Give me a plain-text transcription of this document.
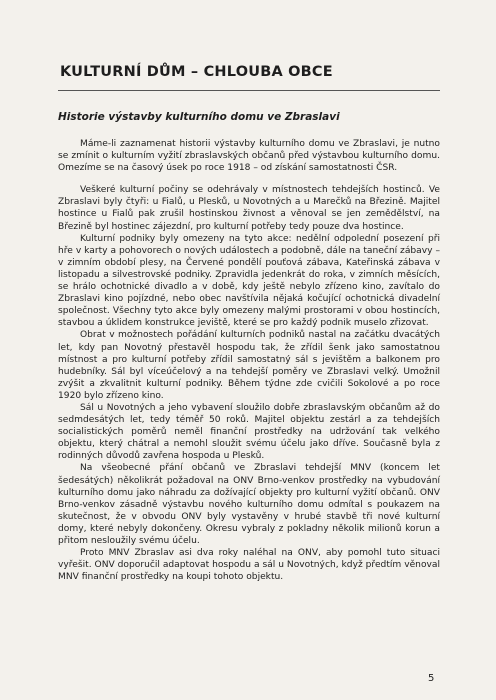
KULTURNÍ DŮM – CHLOUBA OBCE
Historie výstavby kulturního domu ve Zbraslavi

Máme-li zaznamenat historii výstavby kulturního domu ve Zbraslavi, je nutno se zmínit o kulturním vyžití zbraslavských občanů před výstavbou kulturního domu. Omezíme se na časový úsek po roce 1918 – od získání samostatnosti ČSR.

Veškeré kulturní počiny se odehrávaly v místnostech tehdejších hostinců. Ve Zbraslavi byly čtyři: u Fialů, u Plesků, u Novotných a u Marečků na Březině. Majitel hostince u Fialů pak zrušil hostinskou živnost a věnoval se jen zemědělství, na Březině byl hostinec zájezdní, pro kulturní potřeby tedy pouze dva hostince.

Kulturní podniky byly omezeny na tyto akce: nedělní odpolední posezení při hře v karty a pohovorech o nových událostech a podobně, dále na taneční zábavy – v zimním období plesy, na Červené pondělí pouťová zábava, Kateřinská zábava v listopadu a silvestrovské podniky. Zpravidla jedenkrát do roka, v zimních měsících, se hrálo ochotnické divadlo a v době, kdy ještě nebylo zřízeno kino, zavítalo do Zbraslavi kino pojízdné, nebo obec navštívila nějaká kočující ochotnická divadelní společnost. Všechny tyto akce byly omezeny malými prostorami v obou hostincích, stavbou a úklidem konstrukce jeviště, které se pro každý podnik muselo zřizovat.

Obrat v možnostech pořádání kulturních podniků nastal na začátku dvacátých let, kdy pan Novotný přestavěl hospodu tak, že zřídil šenk jako samostatnou místnost a pro kulturní potřeby zřídil samostatný sál s jevištěm a balkonem pro hudebníky. Sál byl víceúčelový a na tehdejší poměry ve Zbraslavi velký. Umožnil zvýšit a zkvalitnit kulturní podniky. Během týdne zde cvičili Sokolové a po roce 1920 bylo zřízeno kino.

Sál u Novotných a jeho vybavení sloužilo dobře zbraslavským občanům až do sedmdesátých let, tedy téměř 50 roků. Majitel objektu zestárl a za tehdejších socialistických poměrů neměl finanční prostředky na udržování tak velkého objektu, který chátral a nemohl sloužit svému účelu jako dříve. Současně byla z rodinných důvodů zavřena hospoda u Plesků.

Na všeobecné přání občanů ve Zbraslavi tehdejší MNV (koncem let šedesátých) několikrát požadoval na ONV Brno-venkov prostředky na vybudování kulturního domu jako náhradu za dožívající objekty pro kulturní vyžití občanů. ONV Brno-venkov zásadně výstavbu nového kulturního domu odmítal s poukazem na skutečnost, že v obvodu ONV byly vystavěny v hrubé stavbě tři nové kulturní domy, které nebyly dokončeny. Okresu vybraly z pokladny několik milionů korun a přitom nesloužily svému účelu.

Proto MNV Zbraslav asi dva roky naléhal na ONV, aby pomohl tuto situaci vyřešit. ONV doporučil adaptovat hospodu a sál u Novotných, když předtím věnoval MNV finanční prostředky na koupi tohoto objektu.

5
